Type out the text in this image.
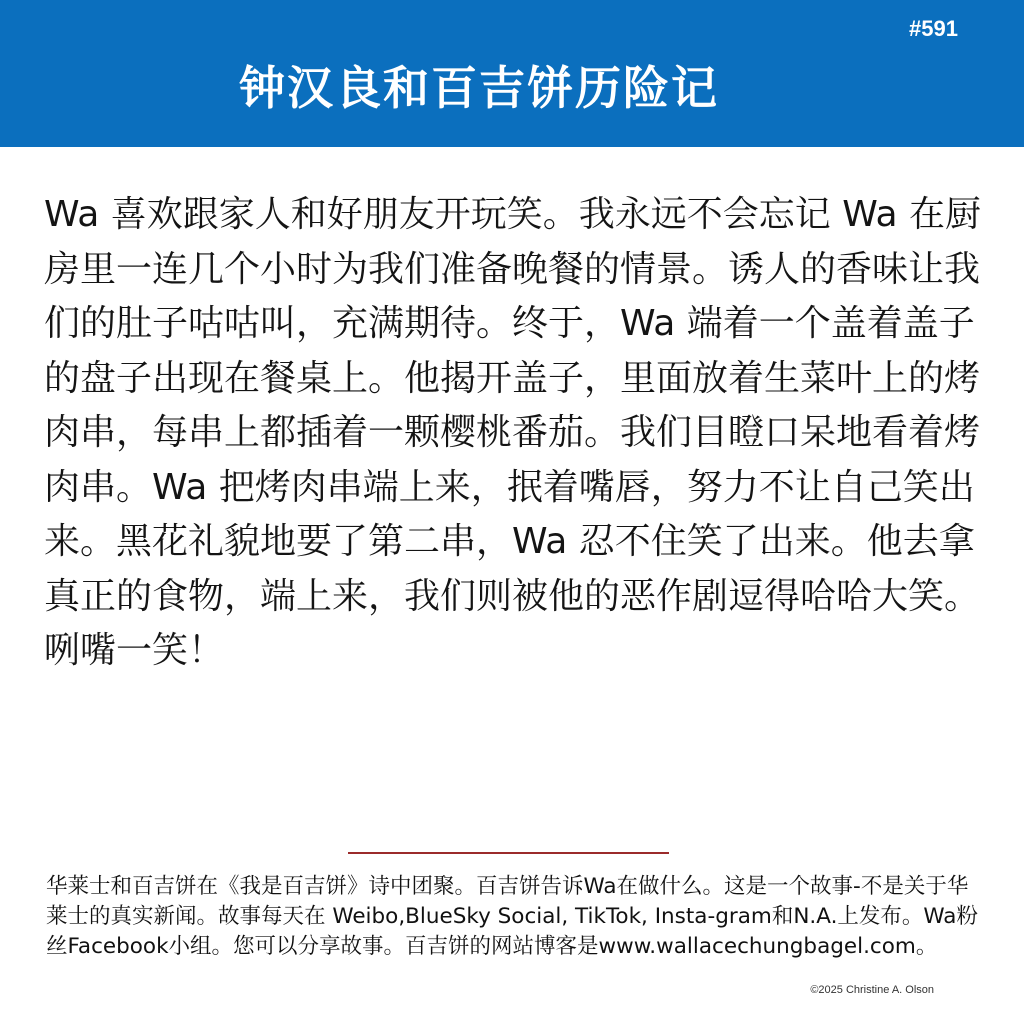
#591
钟汉良和百吉饼历险记

Wa 喜欢跟家人和好朋友开玩笑。我永远不会忘记 Wa 在厨房里一连几个小时为我们准备晚餐的情景。诱人的香味让我们的肚子咕咕叫，充满期待。终于，Wa 端着一个盖着盖子的盘子出现在餐桌上。他揭开盖子，里面放着生菜叶上的烤肉串，每串上都插着一颗樱桃番茄。我们目瞪口呆地看着烤肉串。Wa 把烤肉串端上来，抿着嘴唇，努力不让自己笑出来。黑花礼貌地要了第二串，Wa 忍不住笑了出来。他去拿真正的食物，端上来，我们则被他的恶作剧逗得哈哈大笑。咧嘴一笑！

华莱士和百吉饼在《我是百吉饼》诗中团聚。百吉饼告诉Wa在做什么。这是一个故事-不是关于华莱士的真实新闻。故事每天在 Weibo,BlueSky Social, TikTok, Insta-gram和N.A.上发布。Wa粉丝Facebook小组。您可以分享故事。百吉饼的网站博客是www.wallacechungbagel.com。

©2025 Christine A. Olson
